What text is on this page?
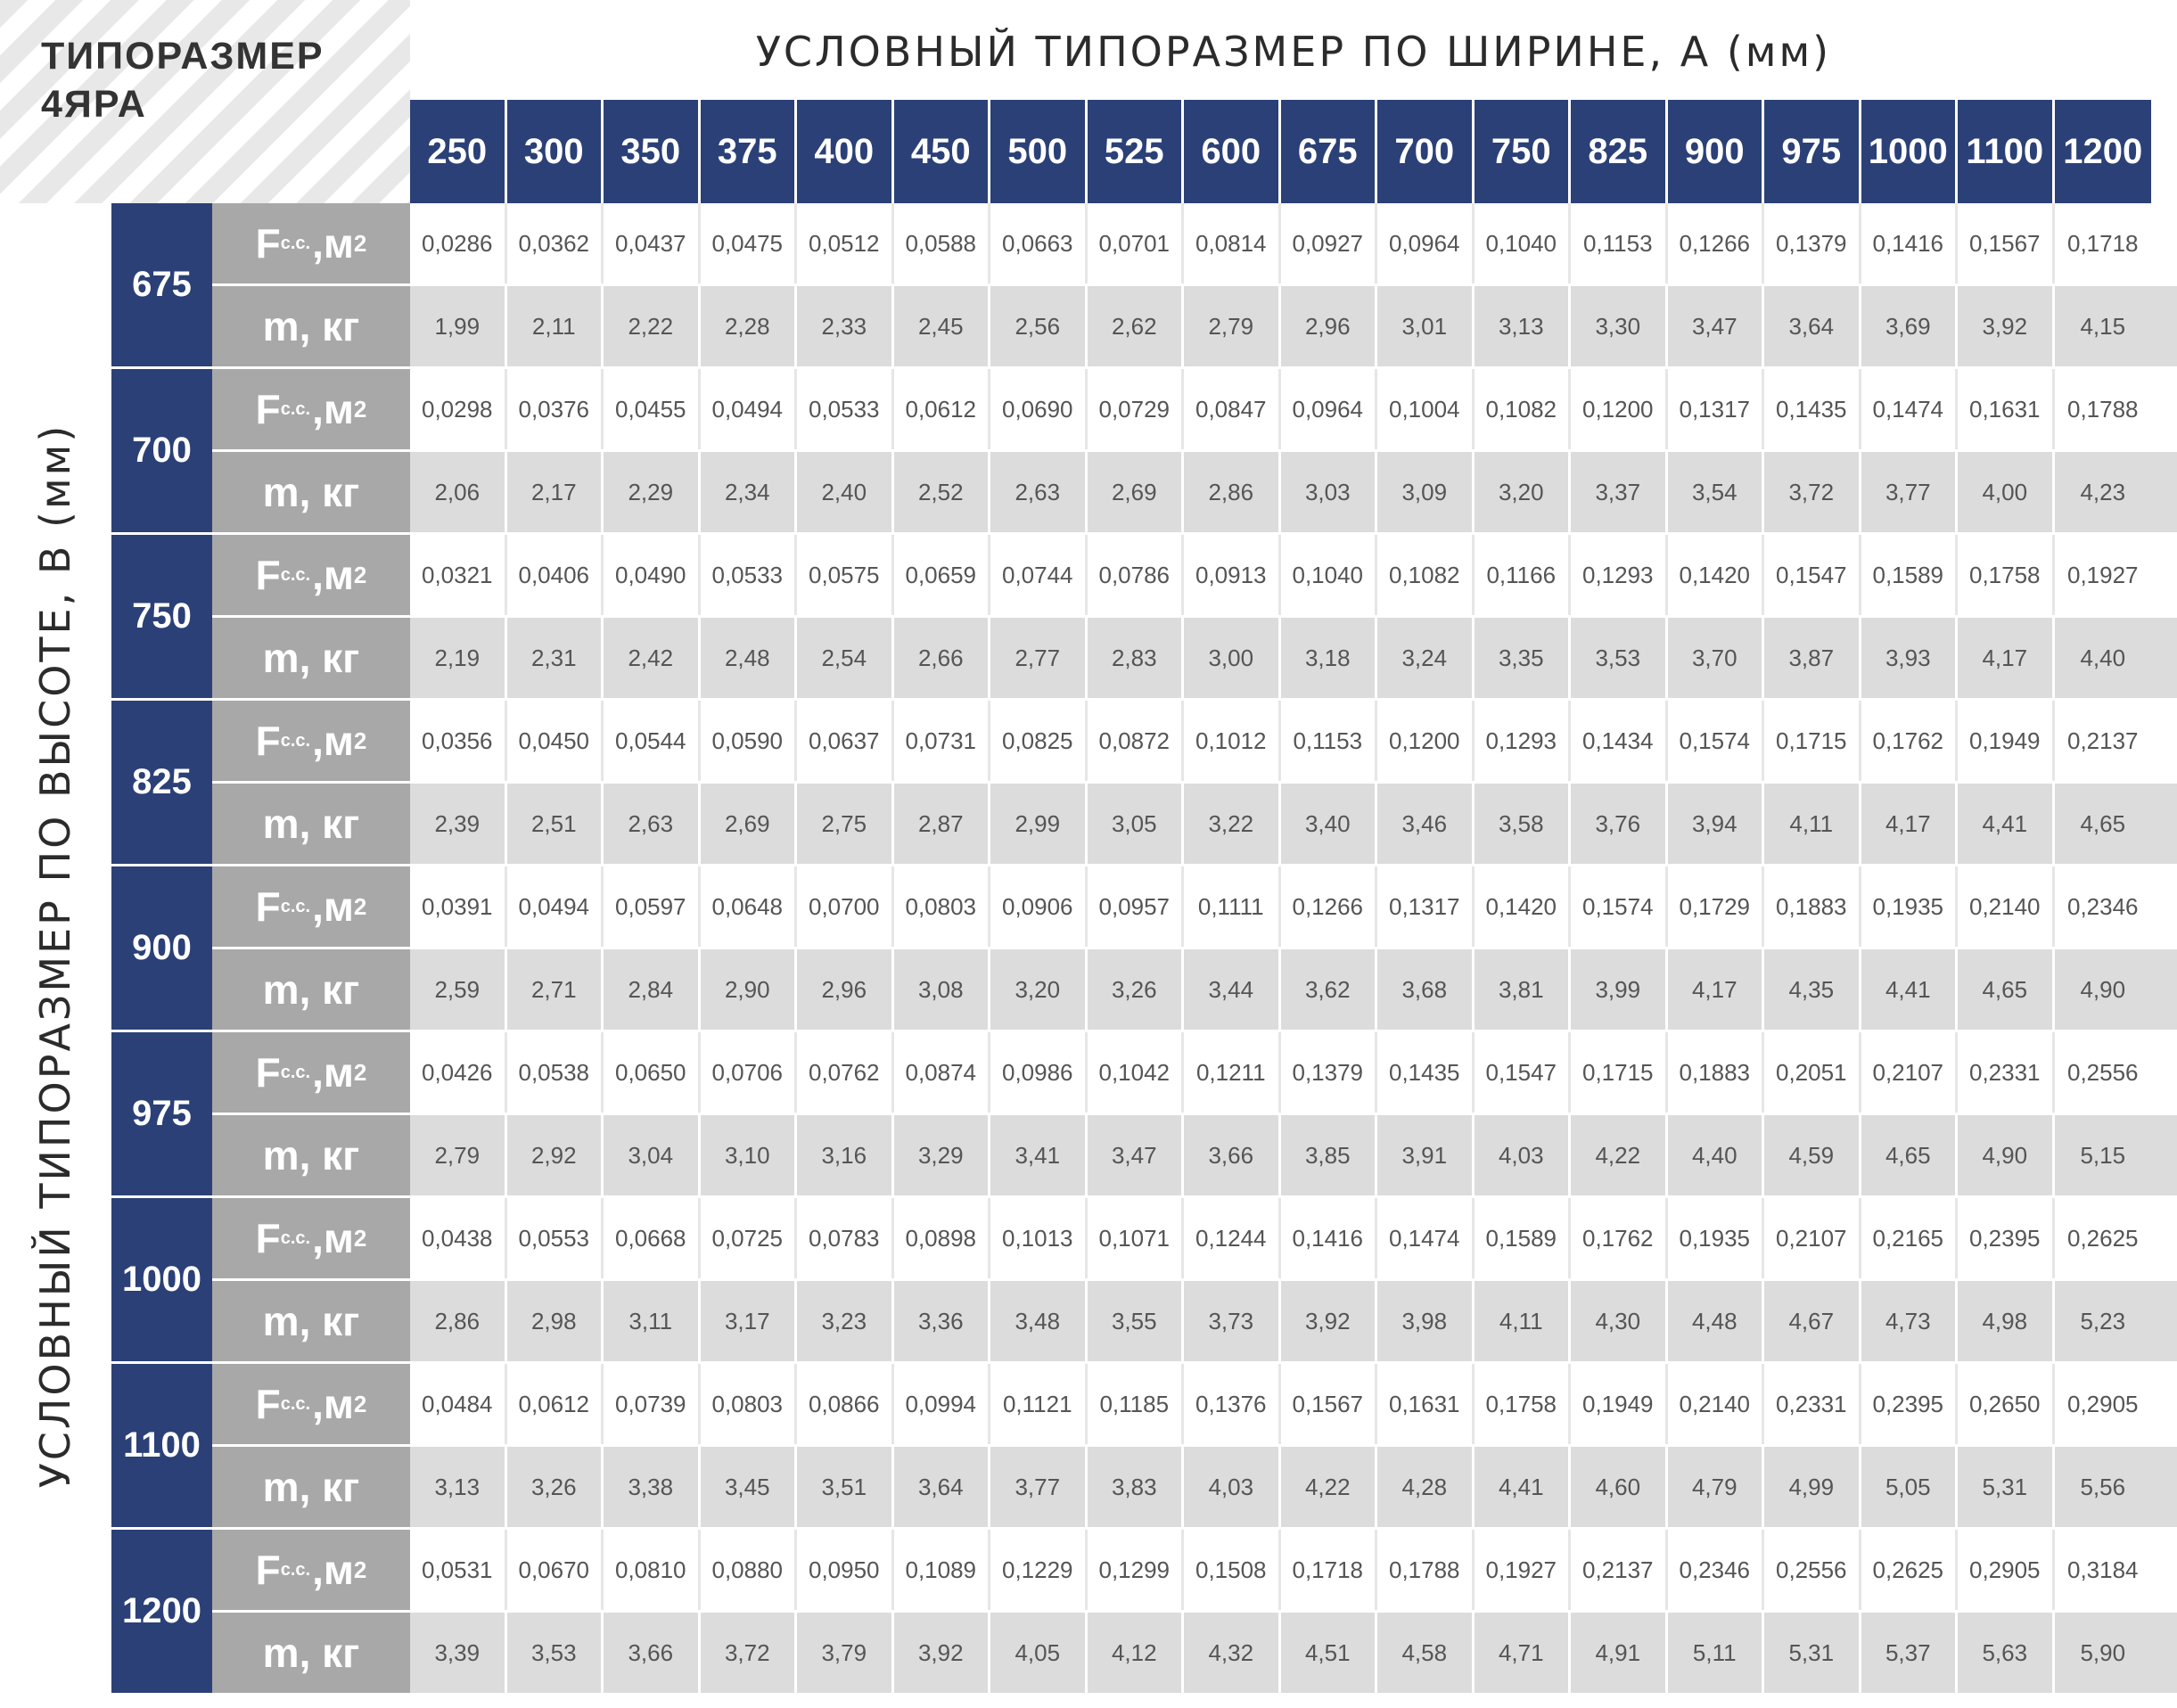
ТИПОРАЗМЕР
4ЯРА
УСЛОВНЫЙ ТИПОРАЗМЕР ПО ШИРИНЕ, А (мм)
УСЛОВНЫЙ ТИПОРАЗМЕР ПО ВЫСОТЕ, В (мм)
250	300	350	375	400	450	500	525	600	675	700	750	825	900	975 1000 1100 1200
675
F с.с. ,м 2	0,0286	0,0362	0,0437	0,0475	0,0512	0,0588	0,0663	0,0701	0,0814	0,0927	0,0964	0,1040	0,1153	0,1266	0,1379	0,1416	0,1567	0,1718
m, кг	1,99	2,11	2,22	2,28	2,33	2,45	2,56	2,62	2,79	2,96	3,01	3,13	3,30	3,47	3,64	3,69	3,92	4,15
700
F с.с. ,м 2	0,0298	0,0376	0,0455	0,0494	0,0533	0,0612	0,0690	0,0729	0,0847	0,0964	0,1004	0,1082	0,1200	0,1317	0,1435	0,1474	0,1631	0,1788
m, кг	2,06	2,17	2,29	2,34	2,40	2,52	2,63	2,69	2,86	3,03	3,09	3,20	3,37	3,54	3,72	3,77	4,00	4,23
750
F с.с. ,м 2	0,0321	0,0406	0,0490	0,0533	0,0575	0,0659	0,0744	0,0786	0,0913	0,1040	0,1082	0,1166	0,1293	0,1420	0,1547	0,1589	0,1758	0,1927
m, кг	2,19	2,31	2,42	2,48	2,54	2,66	2,77	2,83	3,00	3,18	3,24	3,35	3,53	3,70	3,87	3,93	4,17	4,40
825
F с.с. ,м 2	0,0356	0,0450	0,0544	0,0590	0,0637	0,0731	0,0825	0,0872	0,1012	0,1153	0,1200	0,1293	0,1434	0,1574	0,1715	0,1762	0,1949	0,2137
m, кг	2,39	2,51	2,63	2,69	2,75	2,87	2,99	3,05	3,22	3,40	3,46	3,58	3,76	3,94	4,11	4,17	4,41	4,65
900
F с.с. ,м 2	0,0391	0,0494	0,0597	0,0648	0,0700	0,0803	0,0906	0,0957	0,1111	0,1266	0,1317	0,1420	0,1574	0,1729	0,1883	0,1935	0,2140	0,2346
m, кг	2,59	2,71	2,84	2,90	2,96	3,08	3,20	3,26	3,44	3,62	3,68	3,81	3,99	4,17	4,35	4,41	4,65	4,90
975
F с.с. ,м 2	0,0426	0,0538	0,0650	0,0706	0,0762	0,0874	0,0986	0,1042	0,1211	0,1379	0,1435	0,1547	0,1715	0,1883	0,2051	0,2107	0,2331	0,2556
m, кг	2,79	2,92	3,04	3,10	3,16	3,29	3,41	3,47	3,66	3,85	3,91	4,03	4,22	4,40	4,59	4,65	4,90	5,15
1000
F с.с. ,м 2	0,0438	0,0553	0,0668	0,0725	0,0783	0,0898	0,1013	0,1071	0,1244	0,1416	0,1474	0,1589	0,1762	0,1935	0,2107	0,2165	0,2395	0,2625
m, кг	2,86	2,98	3,11	3,17	3,23	3,36	3,48	3,55	3,73	3,92	3,98	4,11	4,30	4,48	4,67	4,73	4,98	5,23
1100
F с.с. ,м 2	0,0484	0,0612	0,0739	0,0803	0,0866	0,0994	0,1121	0,1185	0,1376	0,1567	0,1631	0,1758	0,1949	0,2140	0,2331	0,2395	0,2650	0,2905
m, кг	3,13	3,26	3,38	3,45	3,51	3,64	3,77	3,83	4,03	4,22	4,28	4,41	4,60	4,79	4,99	5,05	5,31	5,56
1200
F с.с. ,м 2	0,0531	0,0670	0,0810	0,0880	0,0950	0,1089	0,1229	0,1299	0,1508	0,1718	0,1788	0,1927	0,2137	0,2346	0,2556	0,2625	0,2905	0,3184
m, кг	3,39	3,53	3,66	3,72	3,79	3,92	4,05	4,12	4,32	4,51	4,58	4,71	4,91	5,11	5,31	5,37	5,63	5,90
